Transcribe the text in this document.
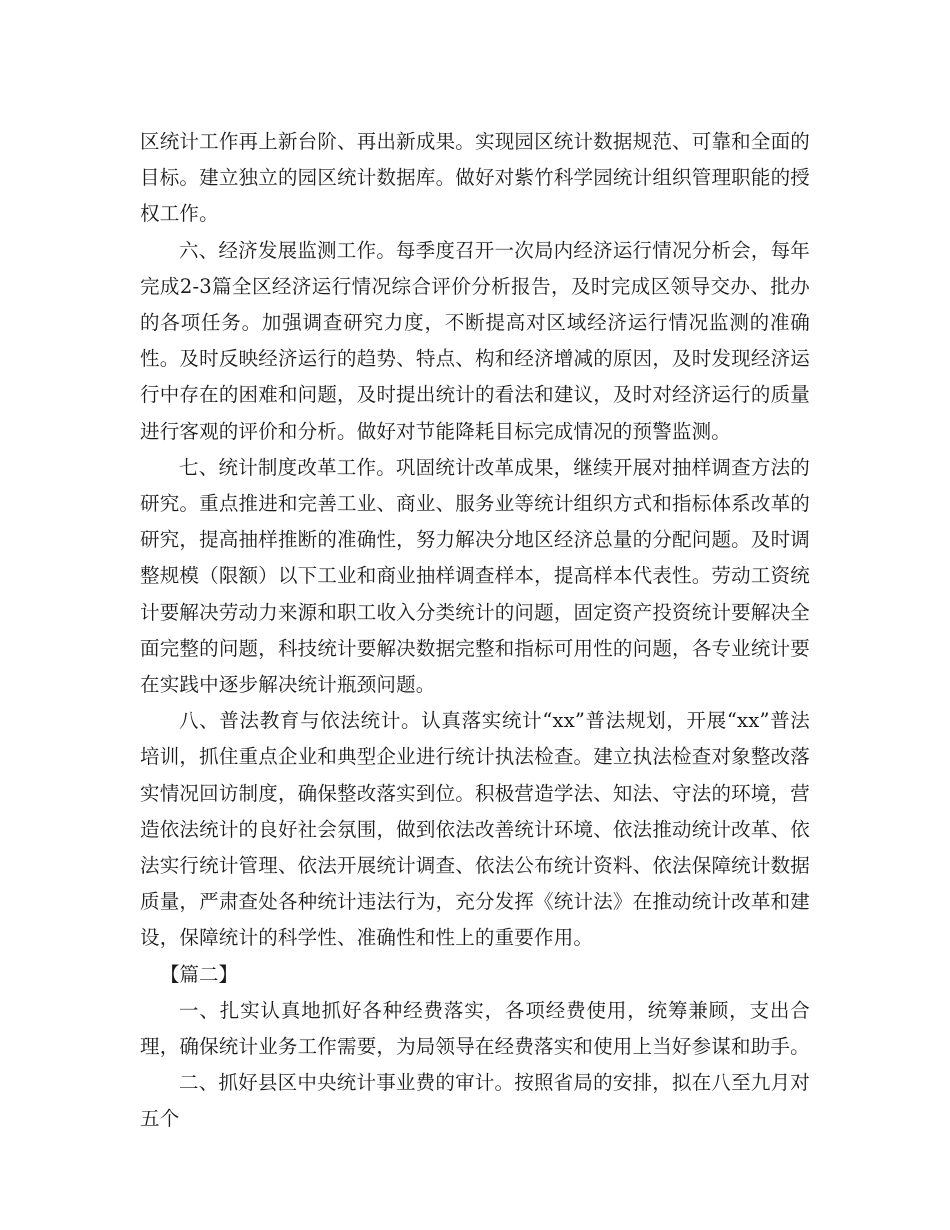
区统计工作再上新台阶、再出新成果。实现园区统计数据规范、可靠和全面的目标。建立独立的园区统计数据库。做好对紫竹科学园统计组织管理职能的授权工作。

六、经济发展监测工作。每季度召开一次局内经济运行情况分析会，每年完成2-3篇全区经济运行情况综合评价分析报告，及时完成区领导交办、批办的各项任务。加强调查研究力度，不断提高对区域经济运行情况监测的准确性。及时反映经济运行的趋势、特点、构和经济增减的原因，及时发现经济运行中存在的困难和问题，及时提出统计的看法和建议，及时对经济运行的质量进行客观的评价和分析。做好对节能降耗目标完成情况的预警监测。

七、统计制度改革工作。巩固统计改革成果，继续开展对抽样调查方法的研究。重点推进和完善工业、商业、服务业等统计组织方式和指标体系改革的研究，提高抽样推断的准确性，努力解决分地区经济总量的分配问题。及时调整规模（限额）以下工业和商业抽样调查样本，提高样本代表性。劳动工资统计要解决劳动力来源和职工收入分类统计的问题，固定资产投资统计要解决全面完整的问题，科技统计要解决数据完整和指标可用性的问题，各专业统计要在实践中逐步解决统计瓶颈问题。

八、普法教育与依法统计。认真落实统计“xx”普法规划，开展“xx”普法培训，抓住重点企业和典型企业进行统计执法检查。建立执法检查对象整改落实情况回访制度，确保整改落实到位。积极营造学法、知法、守法的环境，营造依法统计的良好社会氛围，做到依法改善统计环境、依法推动统计改革、依法实行统计管理、依法开展统计调查、依法公布统计资料、依法保障统计数据质量，严肃查处各种统计违法行为，充分发挥《统计法》在推动统计改革和建设，保障统计的科学性、准确性和性上的重要作用。

【篇二】

一、扎实认真地抓好各种经费落实，各项经费使用，统筹兼顾，支出合理，确保统计业务工作需要，为局领导在经费落实和使用上当好参谋和助手。

二、抓好县区中央统计事业费的审计。按照省局的安排，拟在八至九月对五个
